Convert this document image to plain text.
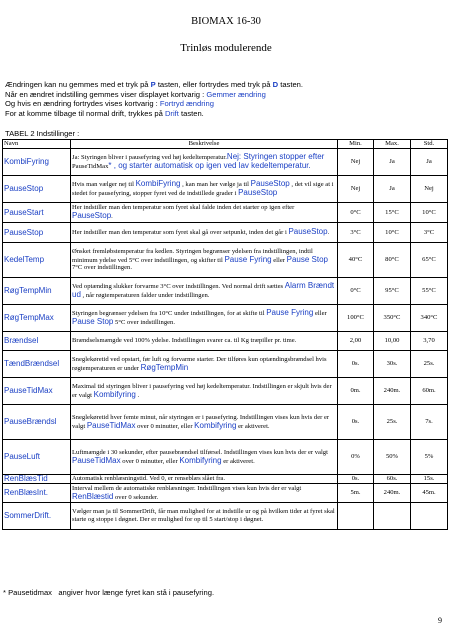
BIOMAX 16-30
Trinløs modulerende
Ændringen kan nu gemmes med et tryk på P tasten, eller fortrydes med tryk på D tasten.
Når en ændret indstilling gemmes viser displayet kortvarig : Gemmer ændring
Og hvis en ændring fortrydes vises kortvarig : Fortryd ændring
For at komme tilbage til normal drift, trykkes på Drift tasten.
TABEL 2 Indstillinger :
Navn	Beskrivelse	Min.	Max.	Std.
KombiFyring	Ja: Styringen bliver i pausefyring ved høj kedeltemperatur.Nej: Styringen stopper efter PauseTidMax* , og starter automatisk op igen ved lav kedeltemperatur.	Nej	Ja	Ja
PauseStop	Hvis man vælger nej til KombiFyring , kan man her vælge ja til PauseStop , det vil sige at i stedet for pausefyring, stopper fyret ved de indstillede grader i PauseStop	Nej	Ja	Nej
PauseStart	Her indstiller man den temperatur som fyret skal falde inden det starter op igen efter PauseStop.	0°C	15°C	10°C
PauseStop	Her indstiller man den temperatur som fyret skal gå over setpunkt, inden det går i PauseStop.	3°C	10°C	3°C
KedelTemp	Ønsket fremløbstemperatur fra kedlen. Styringen begrænser ydelsen fra indstillingen, indtil minimum ydelse ved 5°C over indstillingen, og skifter til Pause Fyring eller Pause Stop 7°C over indstillingen.	40°C	80°C	65°C
RøgTempMin	Ved optænding slukker forvarme 3°C over indstillingen. Ved normal drift sættes Alarm Brændt ud , når røgtemperaturen falder under indstillingen.	0°C	95°C	55°C
RøgTempMax	Styringen begrænser ydelsen fra 10°C under indstillingen, for at skifte til Pause Fyring eller Pause Stop 5°C over indstillingen.	100°C	350°C	340°C
Brændsel	Brændselsmængde ved 100% ydelse. Indstillingen svarer ca. til Kg træpiller pr. time.	2,00	10,00	3,70
TændBrændsel	Sneglekøretid ved opstart, før luft og forvarme starter. Der tilføres kun optændingsbrændsel hvis røgtemperaturen er under RøgTempMin	0s.	30s.	25s.
PauseTidMax	Maximal tid styringen bliver i pausefyring ved høj kedeltemperatur. Indstillingen er skjult hvis der er valgt Kombifyring .	0m.	240m.	60m.
PauseBrændsl	Sneglekøretid hver femte minut, når styringen er i pausefyring. Indstillingen vises kun hvis der er valgt PauseTidMax over 0 minutter, eller Kombifyring er aktiveret.	0s.	25s.	7s.
PauseLuft	Luftmængde i 30 sekunder, efter pausebrændsel tilførsel. Indstillingen vises kun hvis der er valgt PauseTidMax over 0 minutter, eller Kombifyring er aktiveret.	0%	50%	5%
RenBlæsTid	Automatisk renblæsningstid. Ved 0, er renseblæs slået fra.	0s.	60s.	15s.
RenBlæsInt.	Interval mellem de automatiske renblæsninger. Indstillingen vises kun hvis der er valgt RenBlæstid over 0 sekunder.	5m.	240m.	45m.
SommerDrift.	Vælger man ja til SommerDrift, får man mulighed for at indstille ur og på hvilken tider at fyret skal starte og stoppe i døgnet. Der er mulighed for op til 5 start/stop i døgnet.			
* Pausetidmax angiver hvor længe fyret kan stå i pausefyring.
9
